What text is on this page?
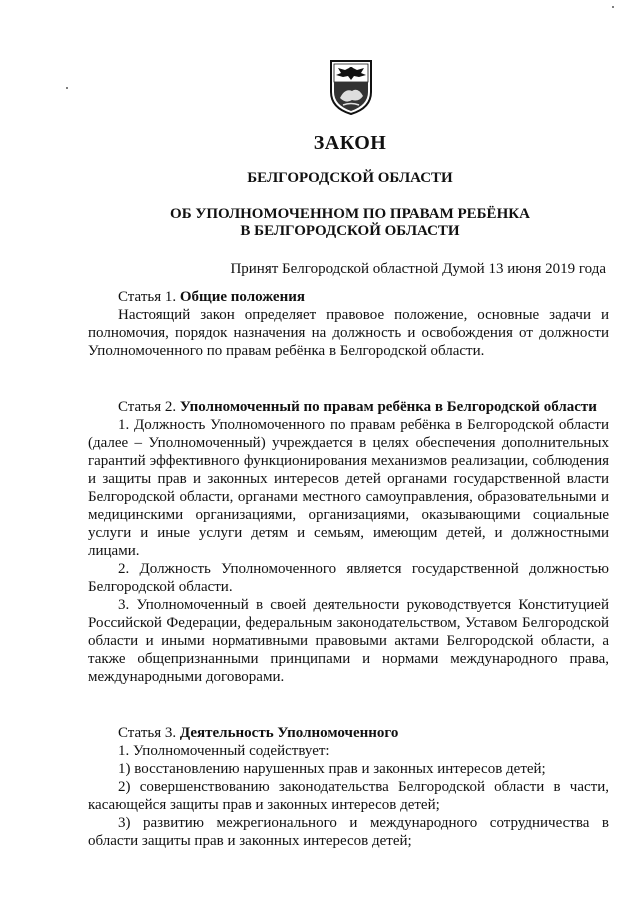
ЗАКОН
БЕЛГОРОДСКОЙ ОБЛАСТИ
ОБ УПОЛНОМОЧЕННОМ ПО ПРАВАМ РЕБЁНКА
В БЕЛГОРОДСКОЙ ОБЛАСТИ
Принят Белгородской областной Думой 13 июня 2019 года

Статья 1. Общие положения

Настоящий закон определяет правовое положение, основные задачи и полномочия, порядок назначения на должность и освобождения от должности Уполномоченного по правам ребёнка в Белгородской области.

Статья 2. Уполномоченный по правам ребёнка в Белгородской области

1. Должность Уполномоченного по правам ребёнка в Белгородской области (далее – Уполномоченный) учреждается в целях обеспечения дополнительных гарантий эффективного функционирования механизмов реализации, соблюдения и защиты прав и законных интересов детей органами государственной власти Белгородской области, органами местного самоуправления, образовательными и медицинскими организациями, организациями, оказывающими социальные услуги и иные услуги детям и семьям, имеющим детей, и должностными лицами.

2. Должность Уполномоченного является государственной должностью Белгородской области.

3. Уполномоченный в своей деятельности руководствуется Конституцией Российской Федерации, федеральным законодательством, Уставом Белгородской области и иными нормативными правовыми актами Белгородской области, а также общепризнанными принципами и нормами международного права, международными договорами.

Статья 3. Деятельность Уполномоченного

1. Уполномоченный содействует:

1) восстановлению нарушенных прав и законных интересов детей;

2) совершенствованию законодательства Белгородской области в части, касающейся защиты прав и законных интересов детей;

3) развитию межрегионального и международного сотрудничества в области защиты прав и законных интересов детей;
